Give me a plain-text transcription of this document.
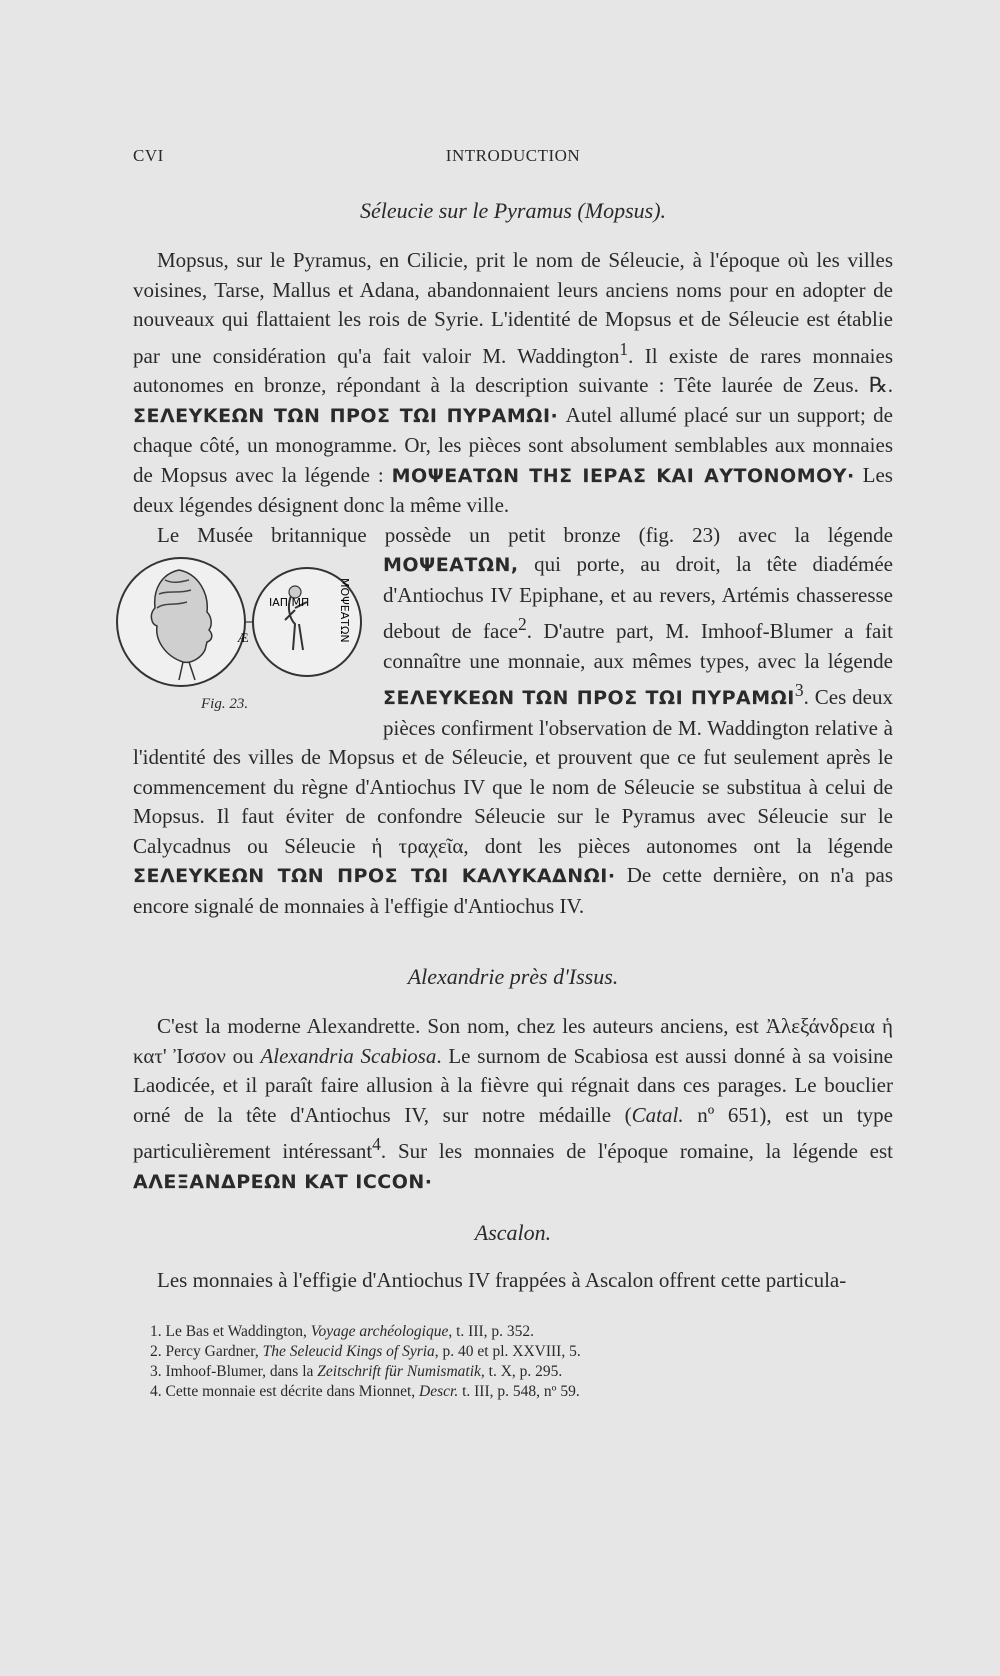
CVI	INTRODUCTION
Séleucie sur le Pyramus (Mopsus).

Mopsus, sur le Pyramus, en Cilicie, prit le nom de Séleucie, à l'époque où les villes voisines, Tarse, Mallus et Adana, abandonnaient leurs anciens noms pour en adopter de nouveaux qui flattaient les rois de Syrie. L'identité de Mopsus et de Séleucie est établie par une considération qu'a fait valoir M. Waddington$^1$. Il existe de rares monnaies autonomes en bronze, répondant à la description suivante : Tête laurée de Zeus. ℞. ΣΕΛΕΥΚΕΩΝ ΤΩΝ ΠΡΟΣ ΤΩΙ ΠΥΡΑΜΩΙ· Autel allumé placé sur un support; de chaque côté, un monogramme. Or, les pièces sont absolument semblables aux monnaies de Mopsus avec la légende : ΜΟΨΕΑΤΩΝ ΤΗΣ ΙΕΡΑΣ ΚΑΙ ΑΥΤΟΝΟΜΟΥ· Les deux légendes désignent donc la même ville.

Le Musée britannique possède un petit bronze (fig. 23) avec la légende ΜΟΨΕΑΤΩΝ,
Æ
ΙΑΠ ΜΠ	ΜΟΨΕΑΤΩΝ
Fig. 23.
qui porte, au droit, la tête diadémée d'Antiochus IV Epiphane, et au revers, Artémis chasseresse debout de face$^2$. D'autre part, M. Imhoof-Blumer a fait connaître une monnaie, aux mêmes types, avec la légende ΣΕΛΕΥΚΕΩΝ ΤΩΝ ΠΡΟΣ ΤΩΙ ΠΥΡΑΜΩΙ$^3$. Ces deux pièces confirment l'observation de M. Waddington relative à l'identité des villes de Mopsus et de Séleucie, et prouvent que ce fut seulement après le commencement du règne d'Antiochus IV que le nom de Séleucie se substitua à celui de Mopsus. Il faut éviter de confondre Séleucie sur le Pyramus avec Séleucie sur le Calycadnus ou Séleucie ἡ τραχεῖα, dont les pièces autonomes ont la légende ΣΕΛΕΥΚΕΩΝ ΤΩΝ ΠΡΟΣ ΤΩΙ ΚΑΛΥΚΑΔΝΩΙ· De cette dernière, on n'a pas encore signalé de monnaies à l'effigie d'Antiochus IV.

Alexandrie près d'Issus.

C'est la moderne Alexandrette. Son nom, chez les auteurs anciens, est Ἀλεξάνδρεια ἡ κατ' Ἰσσον ou Alexandria Scabiosa. Le surnom de Scabiosa est aussi donné à sa voisine Laodicée, et il paraît faire allusion à la fièvre qui régnait dans ces parages. Le bouclier orné de la tête d'Antiochus IV, sur notre médaille (Catal. nº 651), est un type particulièrement intéressant$^4$. Sur les monnaies de l'époque romaine, la légende est ΑΛΕΞΑΝΔΡΕΩΝ ΚΑΤ ΙCCΟΝ·

Ascalon.

Les monnaies à l'effigie d'Antiochus IV frappées à Ascalon offrent cette particula-

1. Le Bas et Waddington, Voyage archéologique, t. III, p. 352.
2. Percy Gardner, The Seleucid Kings of Syria, p. 40 et pl. XXVIII, 5.
3. Imhoof-Blumer, dans la Zeitschrift für Numismatik, t. X, p. 295.
4. Cette monnaie est décrite dans Mionnet, Descr. t. III, p. 548, nº 59.
